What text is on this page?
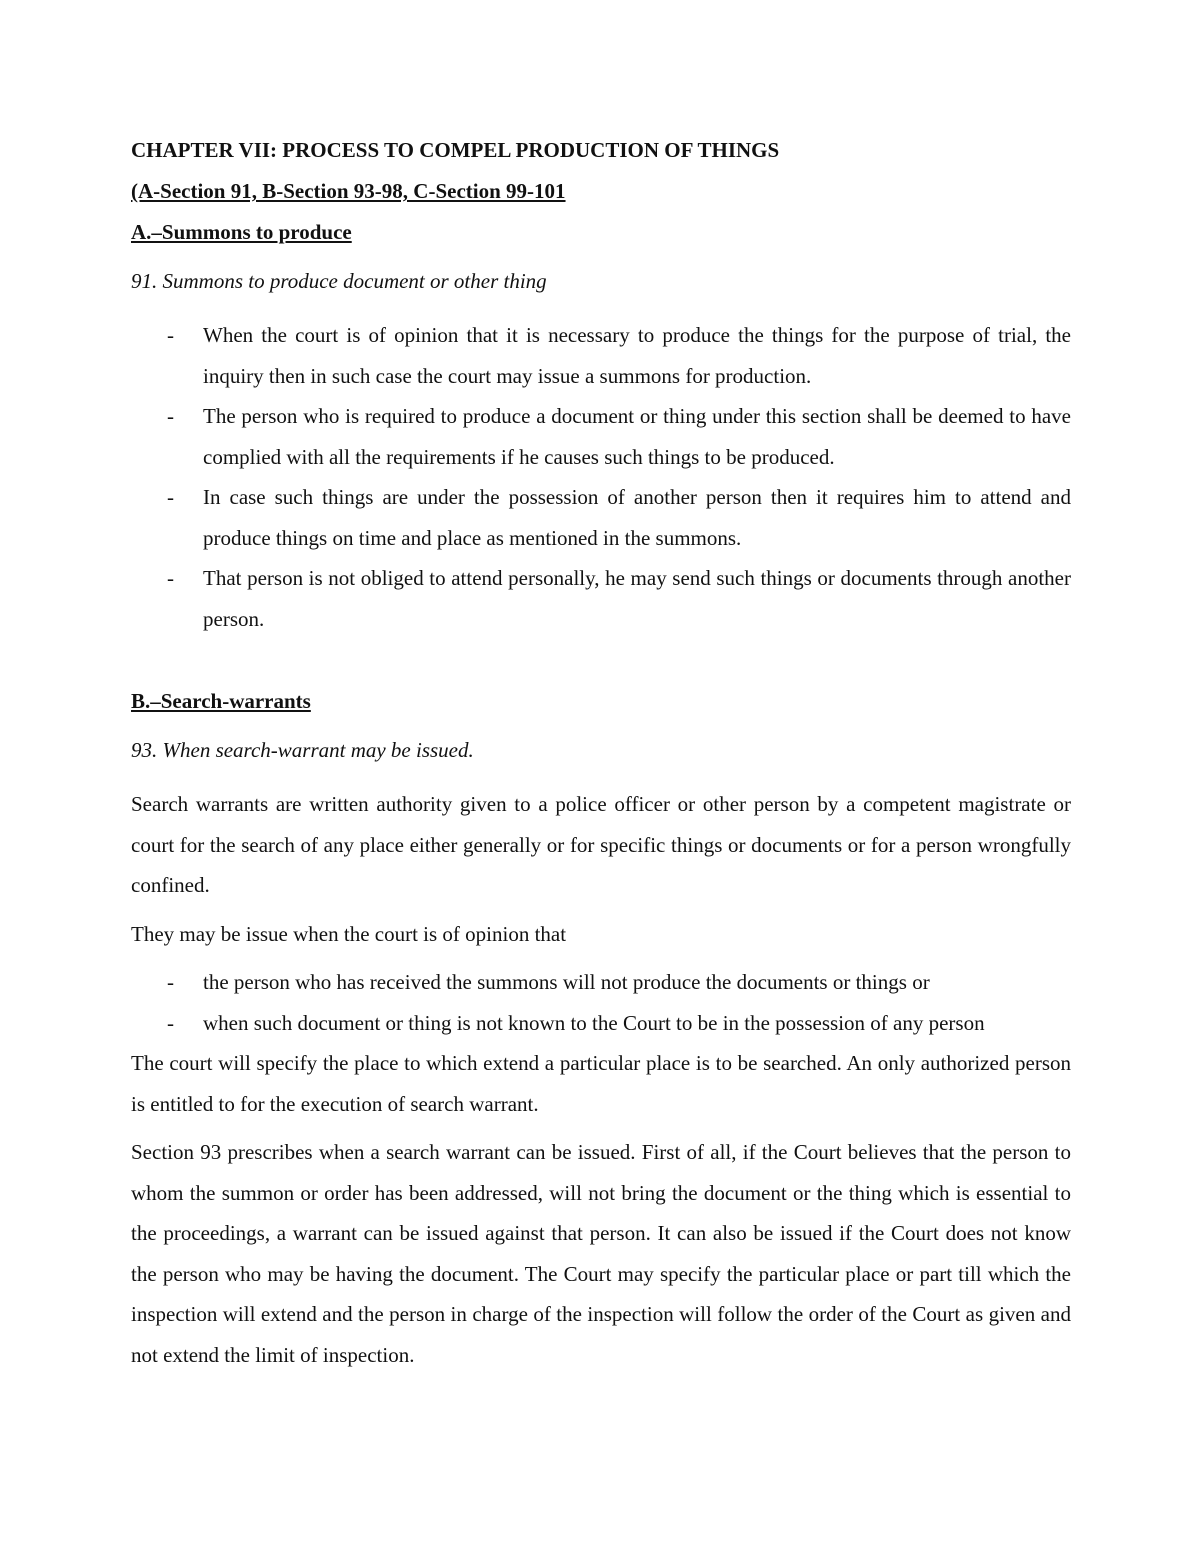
CHAPTER VII: PROCESS TO COMPEL PRODUCTION OF THINGS
(A-Section 91, B-Section 93-98, C-Section 99-101
A.–Summons to produce
91. Summons to produce document or other thing
- When the court is of opinion that it is necessary to produce the things for the purpose of trial, the inquiry then in such case the court may issue a summons for production.
- The person who is required to produce a document or thing under this section shall be deemed to have complied with all the requirements if he causes such things to be produced.
- In case such things are under the possession of another person then it requires him to attend and produce things on time and place as mentioned in the summons.
- That person is not obliged to attend personally, he may send such things or documents through another person.
B.–Search-warrants
93. When search-warrant may be issued.

Search warrants are written authority given to a police officer or other person by a competent magistrate or court for the search of any place either generally or for specific things or documents or for a person wrongfully confined.

They may be issue when the court is of opinion that

- the person who has received the summons will not produce the documents or things or
- when such document or thing is not known to the Court to be in the possession of any person

The court will specify the place to which extend a particular place is to be searched. An only authorized person is entitled to for the execution of search warrant.

Section 93 prescribes when a search warrant can be issued. First of all, if the Court believes that the person to whom the summon or order has been addressed, will not bring the document or the thing which is essential to the proceedings, a warrant can be issued against that person. It can also be issued if the Court does not know the person who may be having the document. The Court may specify the particular place or part till which the inspection will extend and the person in charge of the inspection will follow the order of the Court as given and not extend the limit of inspection.
